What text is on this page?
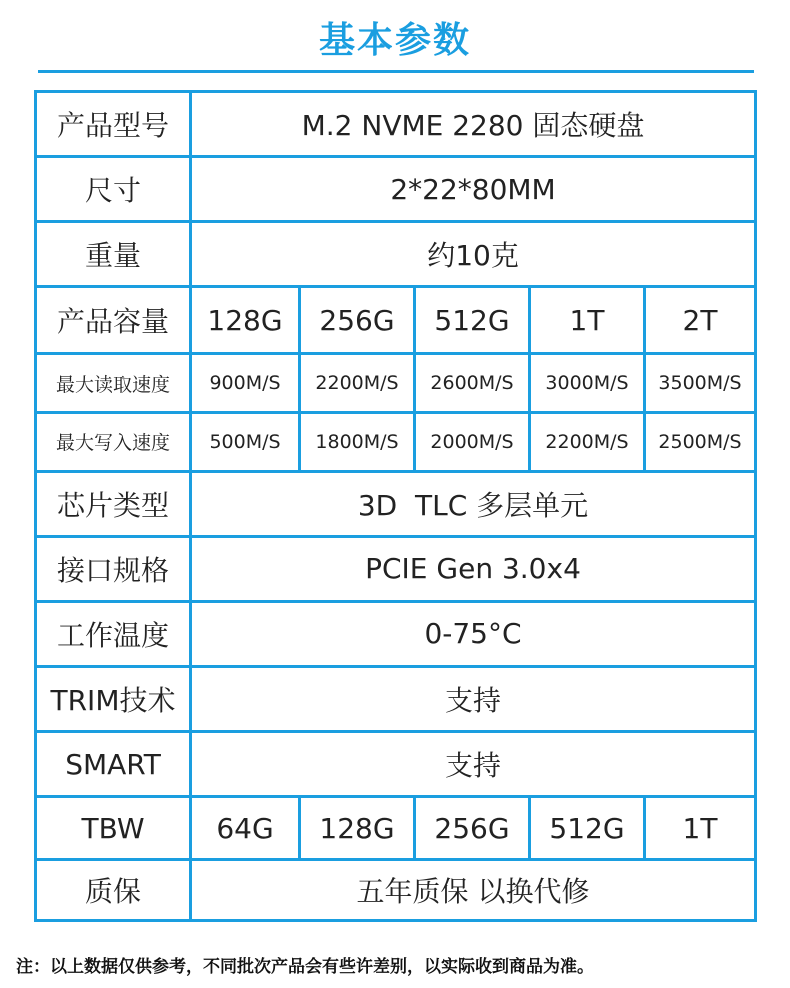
基本参数
产品型号	M.2 NVME 2280 固态硬盘				
尺寸	2*22*80MM				
重量	约10克				
产品容量	128G	256G	512G	1T	2T
最大读取速度	900M/S	2200M/S	2600M/S	3000M/S	3500M/S
最大写入速度	500M/S	1800M/S	2000M/S	2200M/S	2500M/S
芯片类型	3D  TLC 多层单元				
接口规格	PCIE Gen 3.0x4				
工作温度	0-75°C				
TRIM技术	支持				
SMART	支持				
TBW	64G	128G	256G	512G	1T
质保	五年质保 以换代修				
注：以上数据仅供参考，不同批次产品会有些许差别，以实际收到商品为准。
